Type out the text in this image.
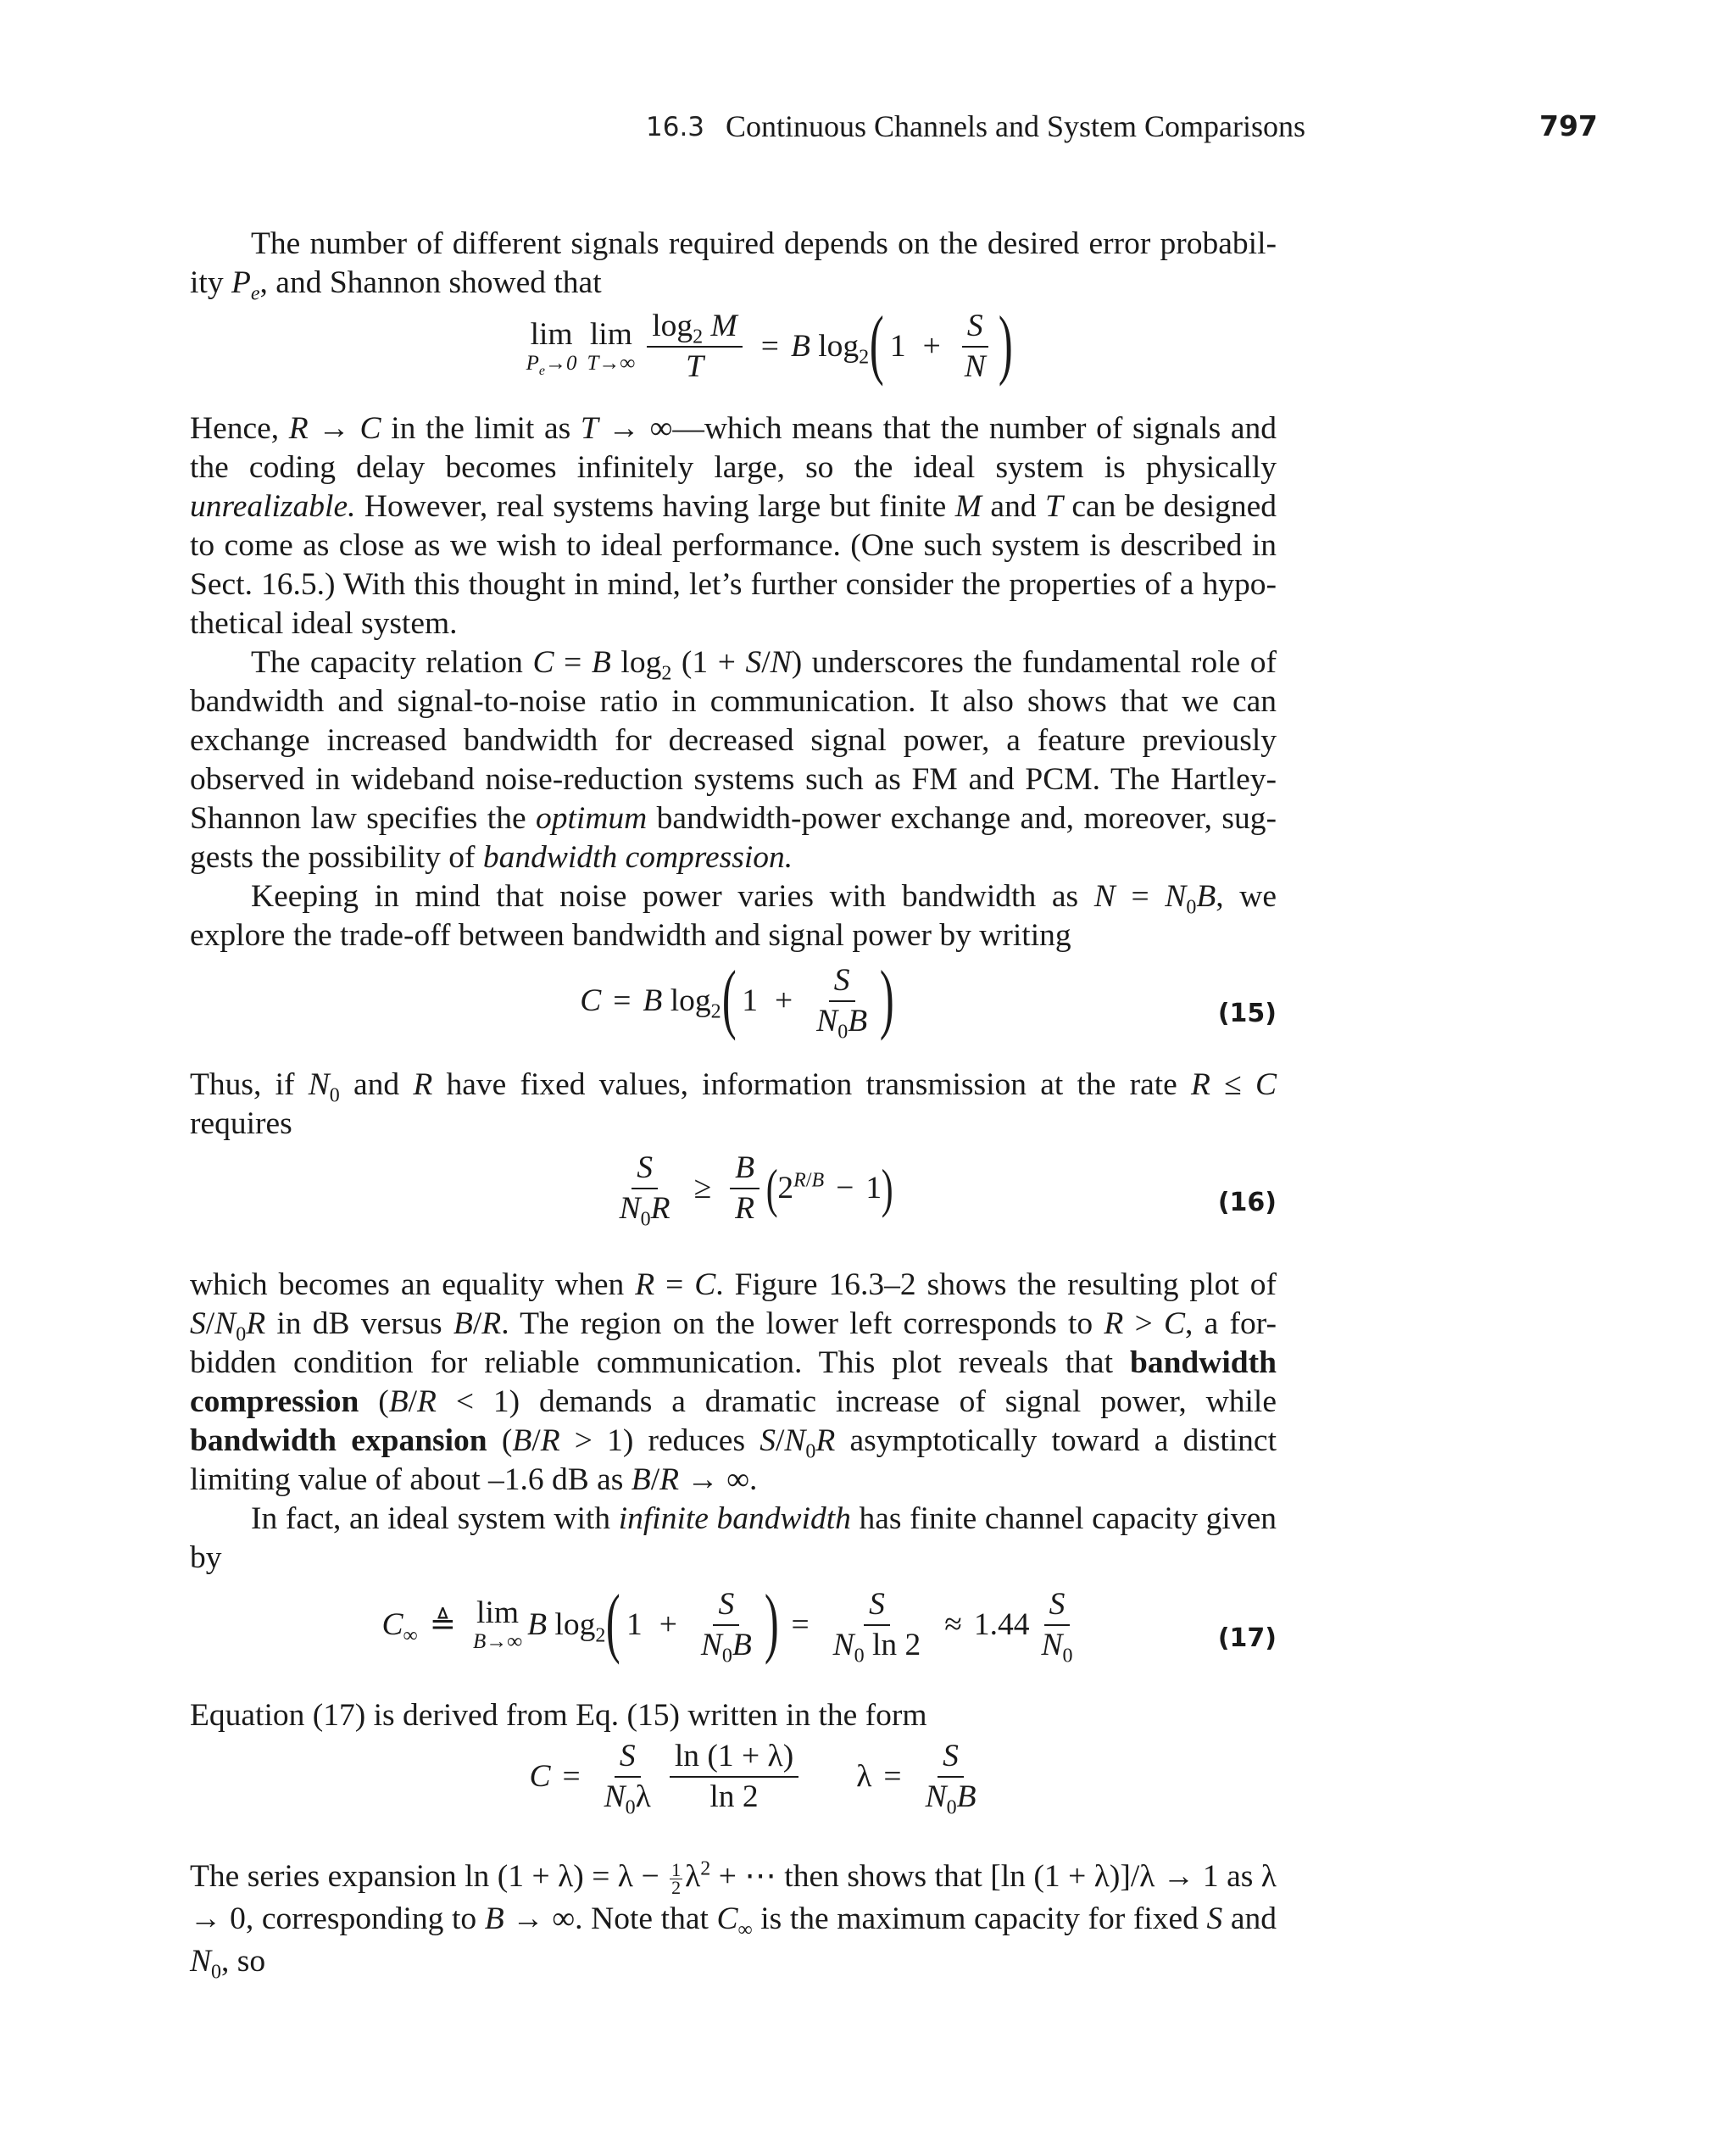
16.3 Continuous Channels and System Comparisons	797

The number of different signals required depends on the desired error probabil-ity $P_e$, and Shannon showed that

lim
$P_e\to 0$
lim
$T\to\infty \frac{\log_2 M}{T} = B$ $\log_2$ ( $1 + \frac{S}{N}$ )

Hence, R → C in the limit as T → ∞—which means that the number of signals and the coding delay becomes infinitely large, so the ideal system is physically unrealizable. However, real systems having large but finite M and T can be designed to come as close as we wish to ideal performance. (One such system is described in Sect. 16.5.) With this thought in mind, let’s further consider the properties of a hypo-thetical ideal system.

The capacity relation C = B $\log_2 (1 + S/N)$ underscores the fundamental role of bandwidth and signal-to-noise ratio in communication. It also shows that we can exchange increased bandwidth for decreased signal power, a feature previously observed in wideband noise-reduction systems such as FM and PCM. The Hartley-Shannon law specifies the optimum bandwidth-power exchange and, moreover, sug-gests the possibility of bandwidth compression.

Keeping in mind that noise power varies with bandwidth as $N = N_0B$, we explore the trade-off between bandwidth and signal power by writing

C = B $\log_2$ ( $1 + \frac{S}{N_0B}$ )	(15)

Thus, if $N_0$ and R have fixed values, information transmission at the rate R ≤ C requires

$\frac{S}{N_0R} \ge \frac{B}{R}$ ( $2^{R/B} - 1$ )	(16)

which becomes an equality when R = C. Figure 16.3–2 shows the resulting plot of $S/N_0R$ in dB versus B/R. The region on the lower left corresponds to R > C, a for-bidden condition for reliable communication. This plot reveals that bandwidth compression (B/R < 1) demands a dramatic increase of signal power, while bandwidth expansion (B/R > 1) reduces $S/N_0R$ asymptotically toward a distinct limiting value of about –1.6 dB as B/R → ∞.

In fact, an ideal system with infinite bandwidth has finite channel capacity given by

$C_\infty$ ≜ lim
B→∞ B $\log_2$ ( $1 + \frac{S}{N_0B}$ ) = $\frac{S}{N_0 \ln 2} \approx 1.44 \frac{S}{N_0}$	(17)

Equation (17) is derived from Eq. (15) written in the form

$C = \frac{S}{N_0\lambda} \frac{\ln (1 + \lambda)}{\ln 2}$ $\lambda = \frac{S}{N_0B}$

The series expansion $\ln (1 + \lambda) = \lambda - \frac{1}{2} \lambda^2$ + ⋯ then shows that [ln (1 + λ)]/λ → 1 as λ → 0, corresponding to B → ∞. Note that $C_\infty$ is the maximum capacity for fixed S and $N_0$, so
